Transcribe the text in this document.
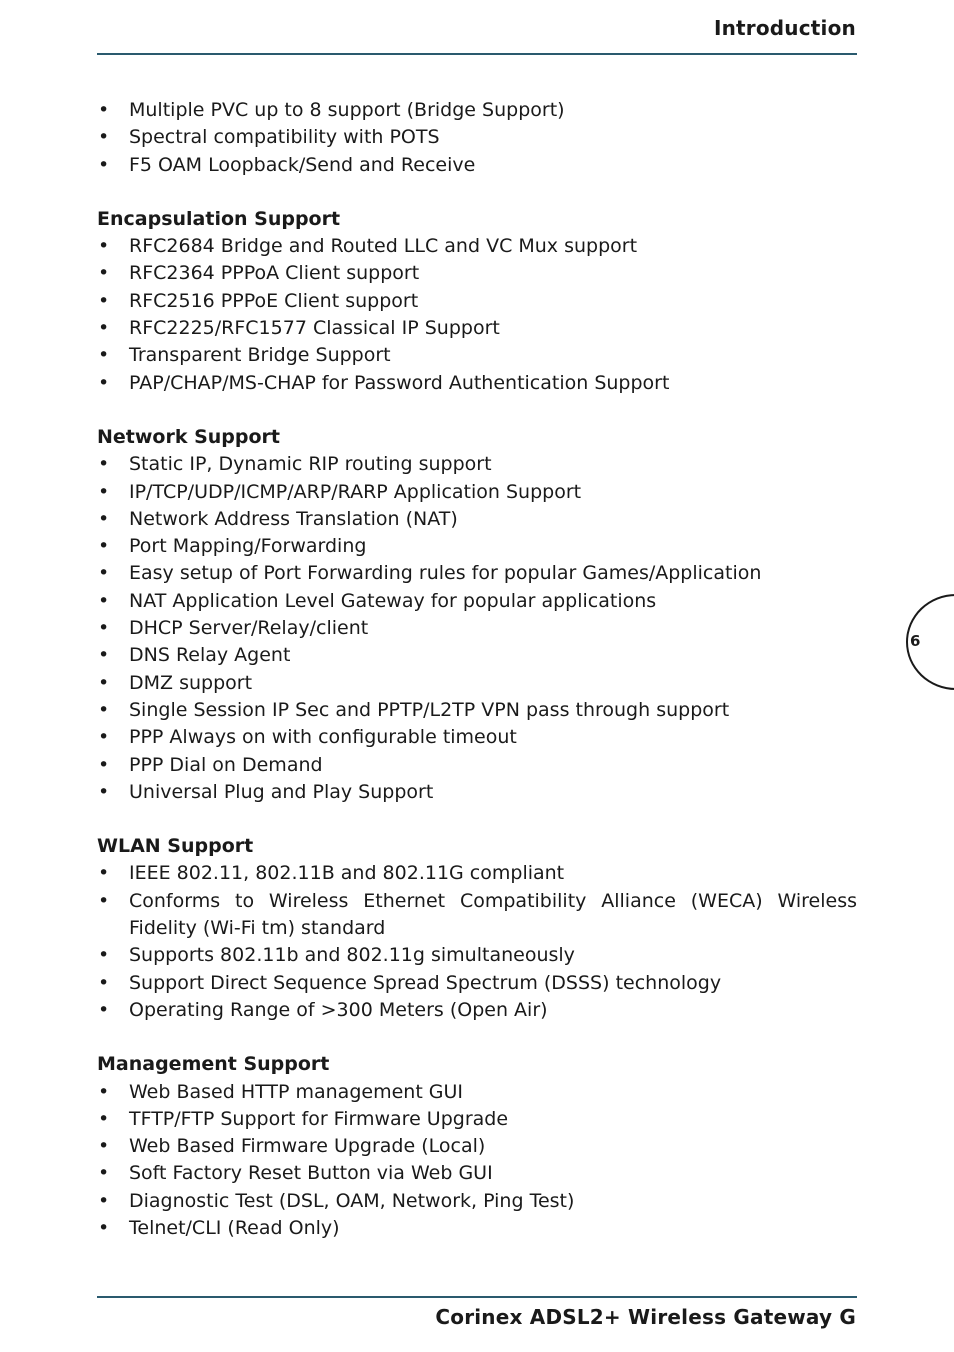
Introduction
•	Multiple PVC up to 8 support (Bridge Support)
•	Spectral compatibility with POTS
•	F5 OAM Loopback/Send and Receive
Encapsulation Support
•	RFC2684 Bridge and Routed LLC and VC Mux support
•	RFC2364 PPPoA Client support
•	RFC2516 PPPoE Client support
•	RFC2225/RFC1577 Classical IP Support
•	Transparent Bridge Support
•	PAP/CHAP/MS-CHAP for Password Authentication Support
Network Support
•	Static IP, Dynamic RIP routing support
•	IP/TCP/UDP/ICMP/ARP/RARP Application Support
•	Network Address Translation (NAT)
•	Port Mapping/Forwarding
•	Easy setup of Port Forwarding rules for popular Games/Application
•	NAT Application Level Gateway for popular applications
•	DHCP Server/Relay/client
•	DNS Relay Agent
•	DMZ support
•	Single Session IP Sec and PPTP/L2TP VPN pass through support
•	PPP Always on with configurable timeout
•	PPP Dial on Demand
•	Universal Plug and Play Support
WLAN Support
•	IEEE 802.11, 802.11B and 802.11G compliant
•	Conforms to Wireless Ethernet Compatibility Alliance (WECA) Wireless Fidelity (Wi-Fi tm) standard
•	Supports 802.11b and 802.11g simultaneously
•	Support Direct Sequence Spread Spectrum (DSSS) technology
•	Operating Range of >300 Meters (Open Air)
Management Support
•	Web Based HTTP management GUI
•	TFTP/FTP Support for Firmware Upgrade
•	Web Based Firmware Upgrade (Local)
•	Soft Factory Reset Button via Web GUI
•	Diagnostic Test (DSL, OAM, Network, Ping Test)
•	Telnet/CLI (Read Only)
6
Corinex ADSL2+ Wireless Gateway G
